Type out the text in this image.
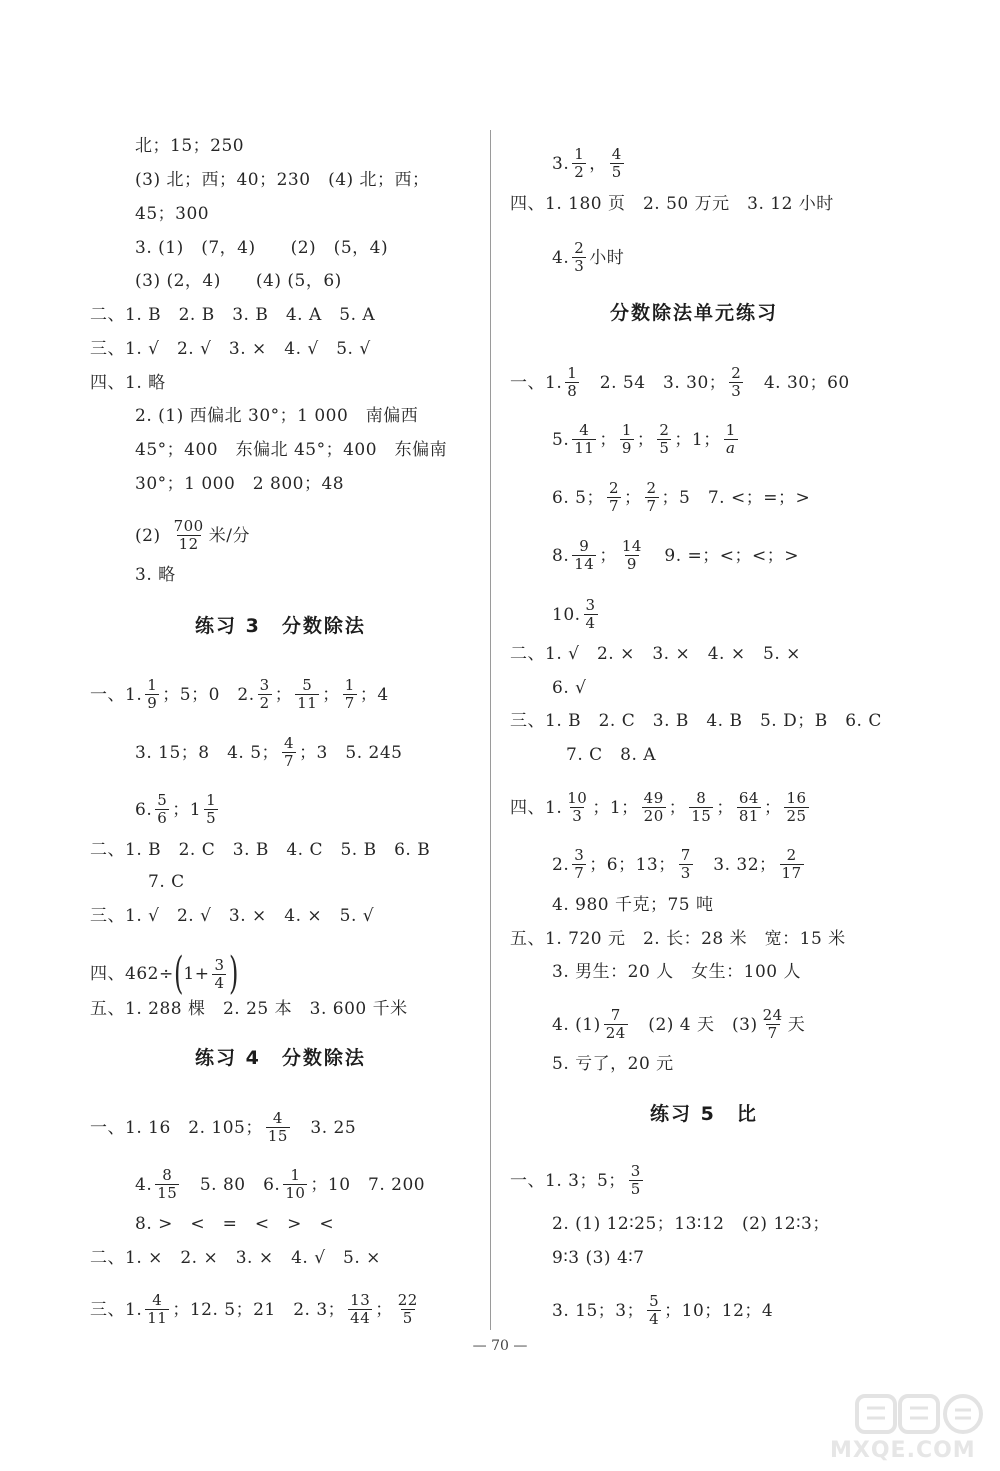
北；15；250
(3) 北；西；40；230　(4) 北；西；
45；300
3. (1)　(7，4)　　(2)　(5，4)
(3) (2，4)　　(4) (5，6)
二、1. B　2. B　3. B　4. A　5. A
三、1. √　2. √　3. ×　4. √　5. √
四、1. 略
2. (1) 西偏北 30°；1 000　南偏西
45°；400　东偏北 45°；400　东偏南
30°；1 000　2 800；48
$(2) \frac{700}{12}$ 米/分
3. 略
练习 3　分数除法
一、1. $\frac{1}{9}$ ；5；0　2. $\frac{3}{2}$ ； $\frac{5}{11}$ ； $\frac{1}{7}$ ；4
3. 15；8　4. 5； $\frac{4}{7}$ ；3　5. 245
6. $\frac{5}{6}$ ；$1 \frac{1}{5}$
二、1. B　2. C　3. B　4. C　5. B　6. B
7. C
三、1. √　2. √　3. ×　4. ×　5. √
四、462÷ ( $1+ \frac{3}{4}$ )
五、1. 288 棵　2. 25 本　3. 600 千米
练习 4　分数除法
一、1. 16　2. 105； $\frac{4}{15}$ 　3. 25
4. $\frac{8}{15}$ 　5. 80　6. $\frac{1}{10}$ ；10　7. 200
8. >　<　=　<　>　<
二、1. ×　2. ×　3. ×　4. √　5. ×
三、1. $\frac{4}{11}$ ；12. 5；21　2. 3； $\frac{13}{44}$ ； $\frac{22}{5}$
3. $\frac{1}{2}$ ， $\frac{4}{5}$
四、1. 180 页　2. 50 万元　3. 12 小时
4. $\frac{2}{3}$ 小时
分数除法单元练习
一、1. $\frac{1}{8}$ 　2. 54　3. 30； $\frac{2}{3}$ 　4. 30；60
5. $\frac{4}{11}$ ； $\frac{1}{9}$ ； $\frac{2}{5}$ ；1； $\frac{1}{a}$
6. 5； $\frac{2}{7}$ ； $\frac{2}{7}$ ；5　7. <；=；>
8. $\frac{9}{14}$ ； $\frac{14}{9}$ 　9. =；<；<；>
10. $\frac{3}{4}$
二、1. √　2. ×　3. ×　4. ×　5. ×
6. √
三、1. B　2. C　3. B　4. B　5. D；B　6. C
7. C　8. A
四、1. $\frac{10}{3}$ ；1； $\frac{49}{20}$ ； $\frac{8}{15}$ ； $\frac{64}{81}$ ； $\frac{16}{25}$
2. $\frac{3}{7}$ ；6；13； $\frac{7}{3}$ 　3. 32； $\frac{2}{17}$
4. 980 千克；75 吨
五、1. 720 元　2. 长：28 米　宽：15 米
3. 男生：20 人　女生：100 人
4. $(1) \frac{7}{24}$ 　(2) 4 天　$(3) \frac{24}{7}$ 天
5. 亏了，20 元
练习 5　比
一、1. 3；5； $\frac{3}{5}$
2. (1) 12∶25；13∶12　(2) 12∶3；
9∶3 (3) 4∶7
3. 15；3； $\frac{5}{4}$ ；10；12；4
— 70 —
MXQE.COM
